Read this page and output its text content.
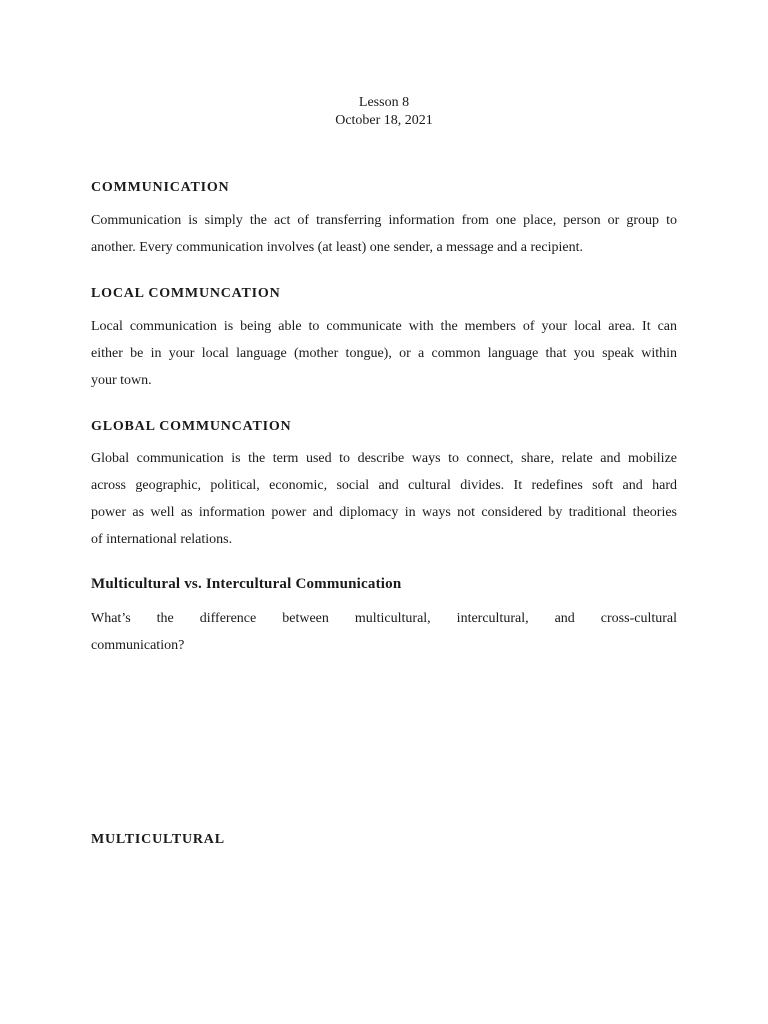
Lesson 8
October 18, 2021
COMMUNICATION
Communication is simply the act of transferring information from one place, person or group to
another. Every communication involves (at least) one sender, a message and a recipient.
LOCAL COMMUNCATION
Local communication is being able to communicate with the members of your local area. It can
either be in your local language (mother tongue), or a common language that you speak within
your town.
GLOBAL COMMUNCATION
Global communication is the term used to describe ways to connect, share, relate and mobilize
across geographic, political, economic, social and cultural divides. It redefines soft and hard
power as well as information power and diplomacy in ways not considered by traditional theories
of international relations.
Multicultural vs. Intercultural Communication
What’s the difference between multicultural, intercultural, and cross-cultural
communication?
MULTICULTURAL
